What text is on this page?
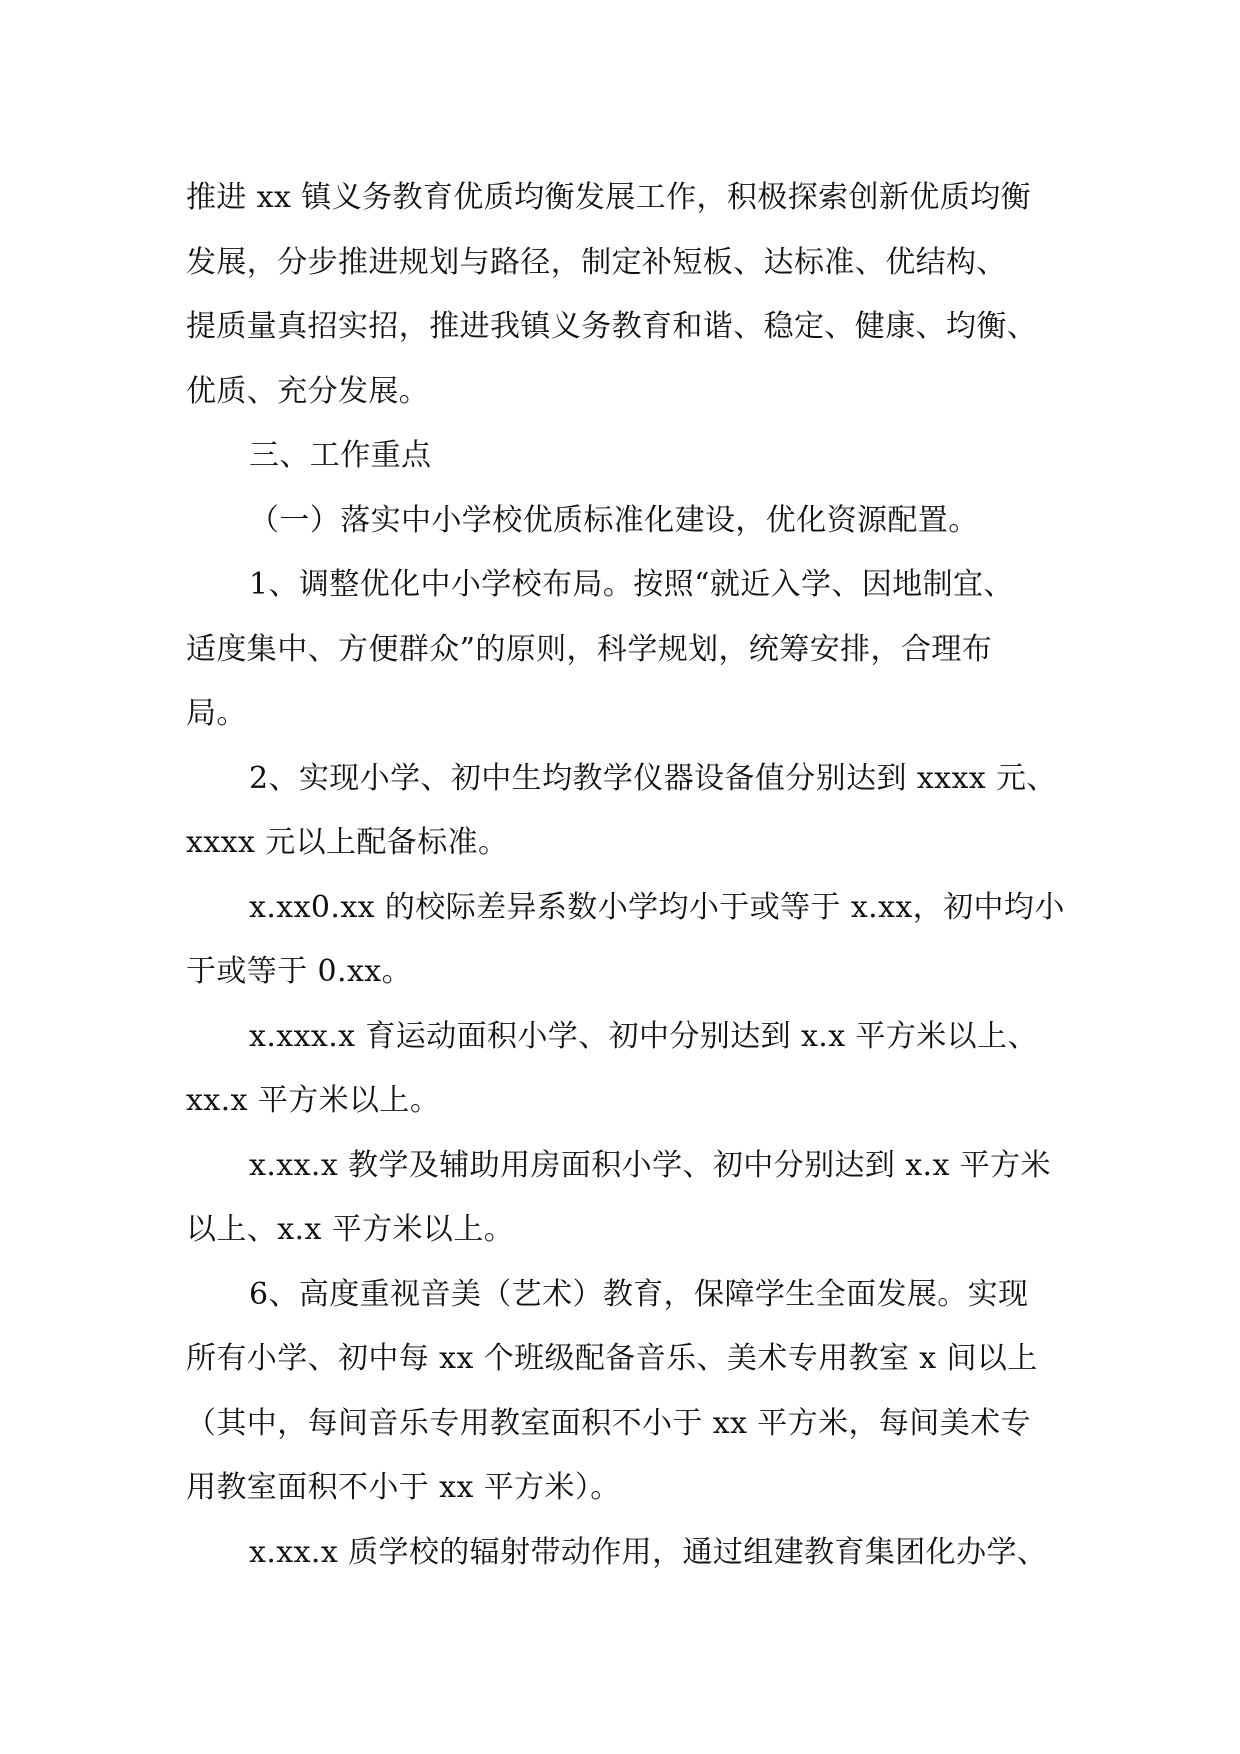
推进 xx 镇义务教育优质均衡发展工作，积极探索创新优质均衡
发展，分步推进规划与路径，制定补短板、达标准、优结构、
提质量真招实招，推进我镇义务教育和谐、稳定、健康、均衡、
优质、充分发展。
三、工作重点
（一）落实中小学校优质标准化建设，优化资源配置。
1、调整优化中小学校布局。按照“就近入学、因地制宜、
适度集中、方便群众”的原则，科学规划，统筹安排，合理布
局。
2、实现小学、初中生均教学仪器设备值分别达到 xxxx 元、
xxxx 元以上配备标准。
x.xx0.xx 的校际差异系数小学均小于或等于 x.xx，初中均小
于或等于 0.xx。
x.xxx.x 育运动面积小学、初中分别达到 x.x 平方米以上、
xx.x 平方米以上。
x.xx.x 教学及辅助用房面积小学、初中分别达到 x.x 平方米
以上、x.x 平方米以上。
6、高度重视音美（艺术）教育，保障学生全面发展。实现
所有小学、初中每 xx 个班级配备音乐、美术专用教室 x 间以上
（其中，每间音乐专用教室面积不小于 xx 平方米，每间美术专
用教室面积不小于 xx 平方米）。
x.xx.x 质学校的辐射带动作用，通过组建教育集团化办学、
